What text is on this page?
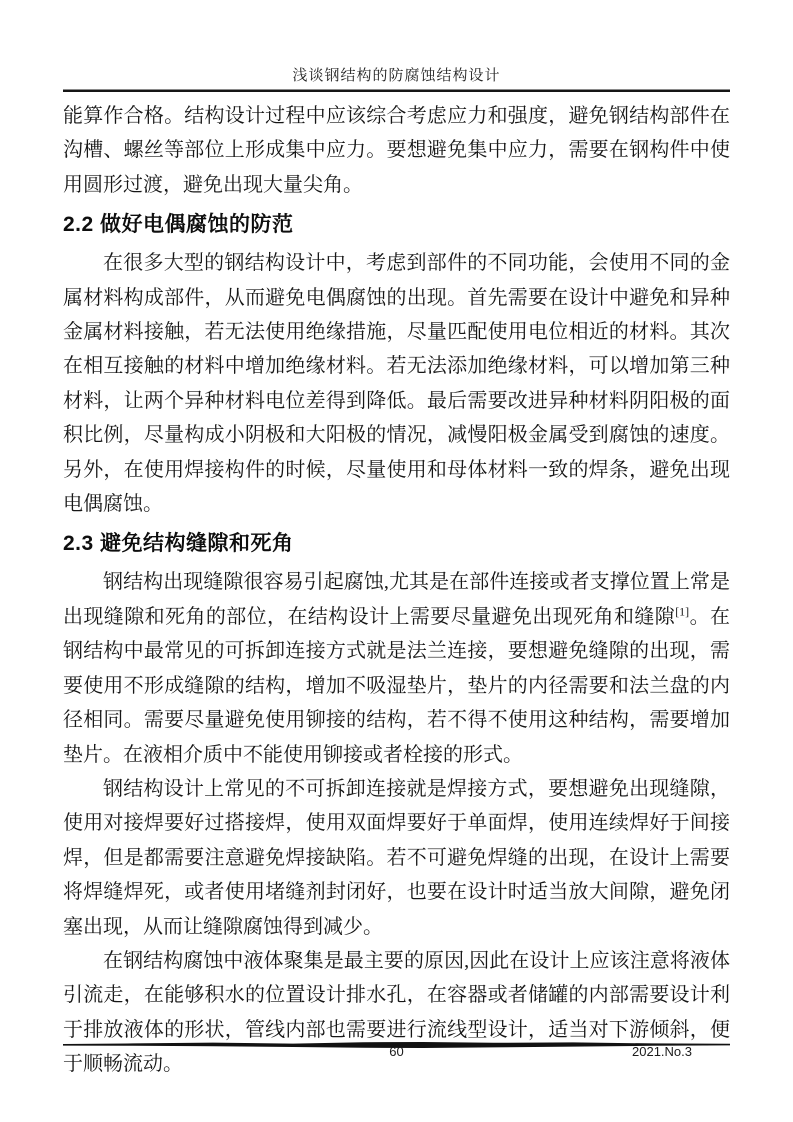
浅谈钢结构的防腐蚀结构设计

能算作合格。结构设计过程中应该综合考虑应力和强度，避免钢结构部件在沟槽、螺丝等部位上形成集中应力。要想避免集中应力，需要在钢构件中使用圆形过渡，避免出现大量尖角。

2.2 做好电偶腐蚀的防范

在很多大型的钢结构设计中，考虑到部件的不同功能，会使用不同的金属材料构成部件，从而避免电偶腐蚀的出现。首先需要在设计中避免和异种金属材料接触，若无法使用绝缘措施，尽量匹配使用电位相近的材料。其次在相互接触的材料中增加绝缘材料。若无法添加绝缘材料，可以增加第三种材料，让两个异种材料电位差得到降低。最后需要改进异种材料阴阳极的面积比例，尽量构成小阴极和大阳极的情况，减慢阳极金属受到腐蚀的速度。另外，在使用焊接构件的时候，尽量使用和母体材料一致的焊条，避免出现电偶腐蚀。

2.3 避免结构缝隙和死角

钢结构出现缝隙很容易引起腐蚀,尤其是在部件连接或者支撑位置上常是出现缝隙和死角的部位，在结构设计上需要尽量避免出现死角和缝隙[1]。在钢结构中最常见的可拆卸连接方式就是法兰连接，要想避免缝隙的出现，需要使用不形成缝隙的结构，增加不吸湿垫片，垫片的内径需要和法兰盘的内径相同。需要尽量避免使用铆接的结构，若不得不使用这种结构，需要增加垫片。在液相介质中不能使用铆接或者栓接的形式。

钢结构设计上常见的不可拆卸连接就是焊接方式，要想避免出现缝隙，使用对接焊要好过搭接焊，使用双面焊要好于单面焊，使用连续焊好于间接焊，但是都需要注意避免焊接缺陷。若不可避免焊缝的出现，在设计上需要将焊缝焊死，或者使用堵缝剂封闭好，也要在设计时适当放大间隙，避免闭塞出现，从而让缝隙腐蚀得到减少。

在钢结构腐蚀中液体聚集是最主要的原因,因此在设计上应该注意将液体引流走，在能够积水的位置设计排水孔，在容器或者储罐的内部需要设计利于排放液体的形状，管线内部也需要进行流线型设计，适当对下游倾斜，便于顺畅流动。

60	2021.No.3
